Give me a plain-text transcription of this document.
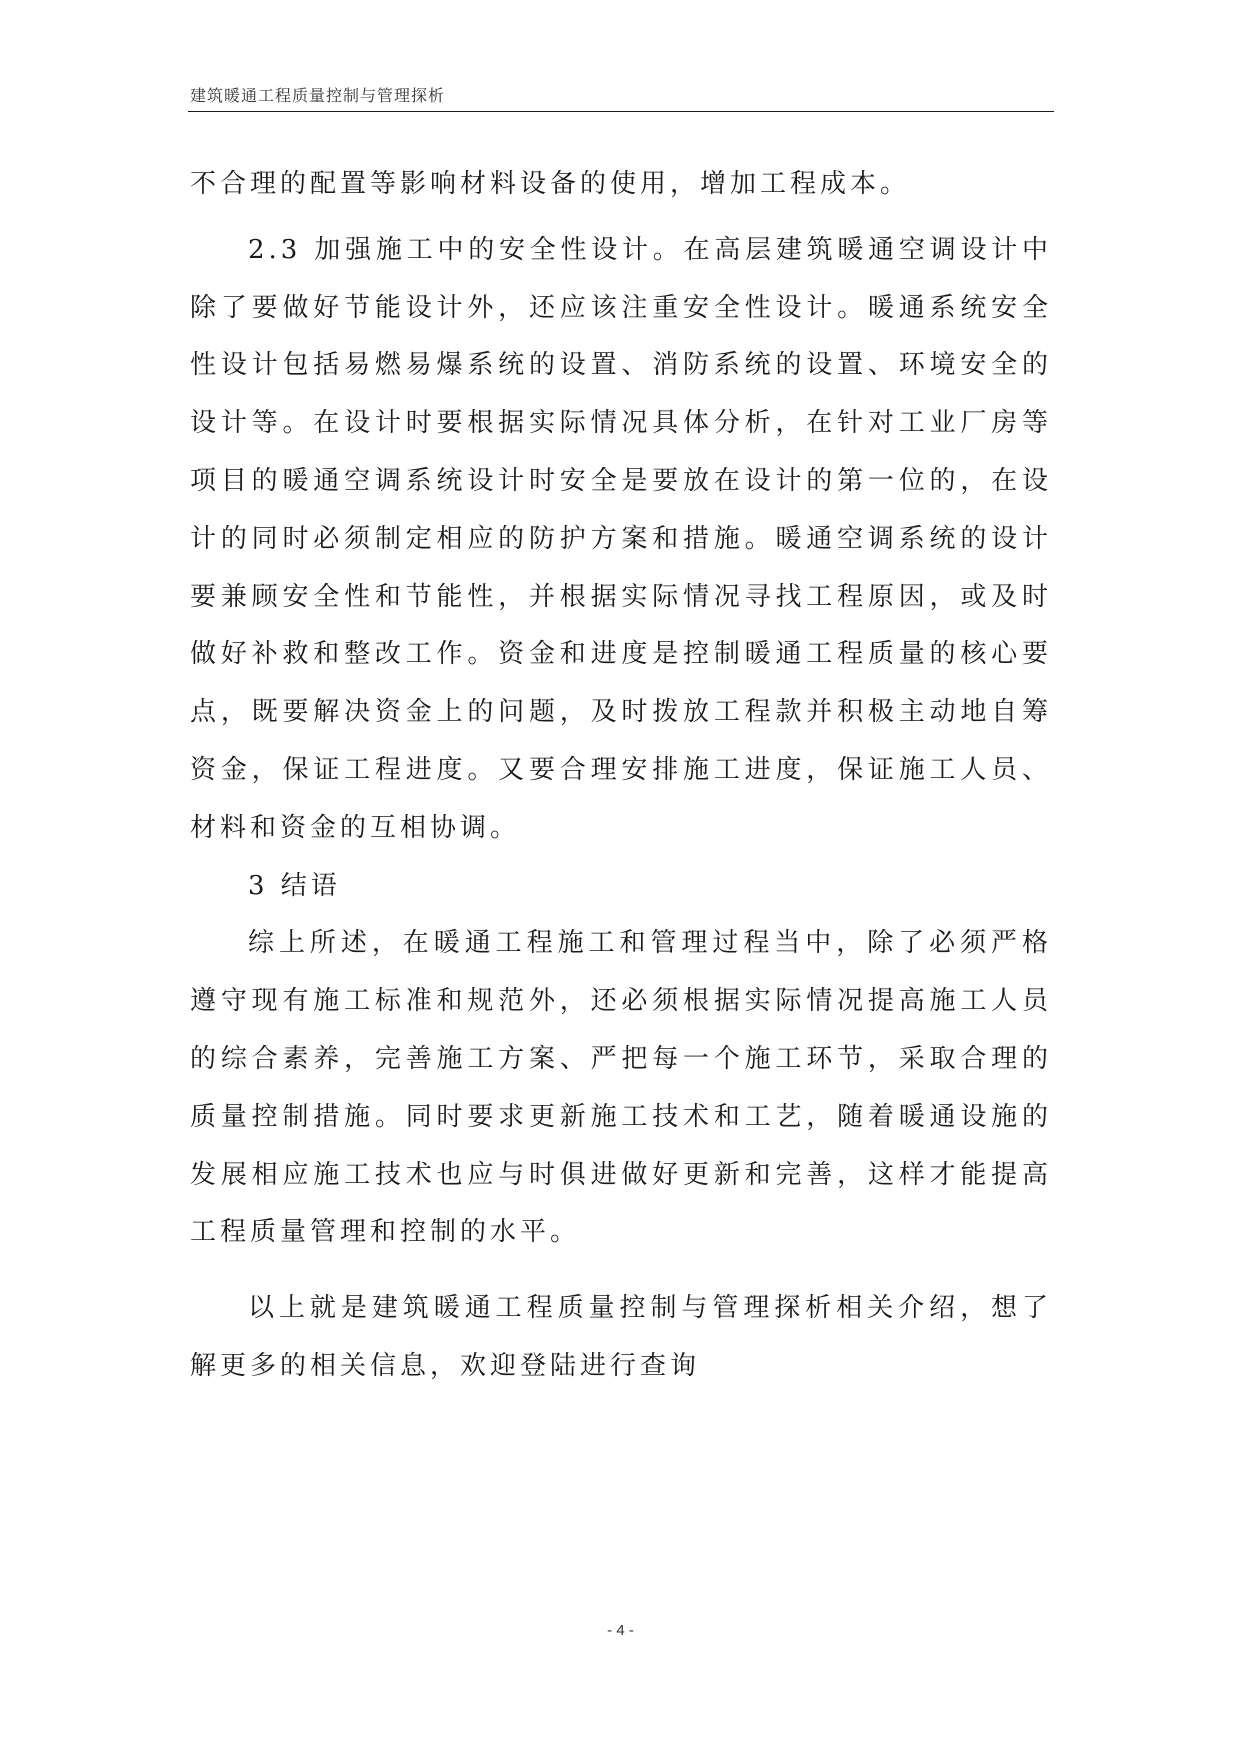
建筑暖通工程质量控制与管理探析

不合理的配置等影响材料设备的使用，增加工程成本。

2.3 加强施工中的安全性设计。在高层建筑暖通空调设计中除了要做好节能设计外，还应该注重安全性设计。暖通系统安全性设计包括易燃易爆系统的设置、消防系统的设置、环境安全的设计等。在设计时要根据实际情况具体分析，在针对工业厂房等项目的暖通空调系统设计时安全是要放在设计的第一位的，在设计的同时必须制定相应的防护方案和措施。暖通空调系统的设计要兼顾安全性和节能性，并根据实际情况寻找工程原因，或及时做好补救和整改工作。资金和进度是控制暖通工程质量的核心要点，既要解决资金上的问题，及时拨放工程款并积极主动地自筹资金，保证工程进度。又要合理安排施工进度，保证施工人员、材料和资金的互相协调。

3 结语

综上所述，在暖通工程施工和管理过程当中，除了必须严格遵守现有施工标准和规范外，还必须根据实际情况提高施工人员的综合素养，完善施工方案、严把每一个施工环节，采取合理的质量控制措施。同时要求更新施工技术和工艺，随着暖通设施的发展相应施工技术也应与时俱进做好更新和完善，这样才能提高工程质量管理和控制的水平。

以上就是建筑暖通工程质量控制与管理探析相关介绍，想了解更多的相关信息，欢迎登陆进行查询

- 4 -
